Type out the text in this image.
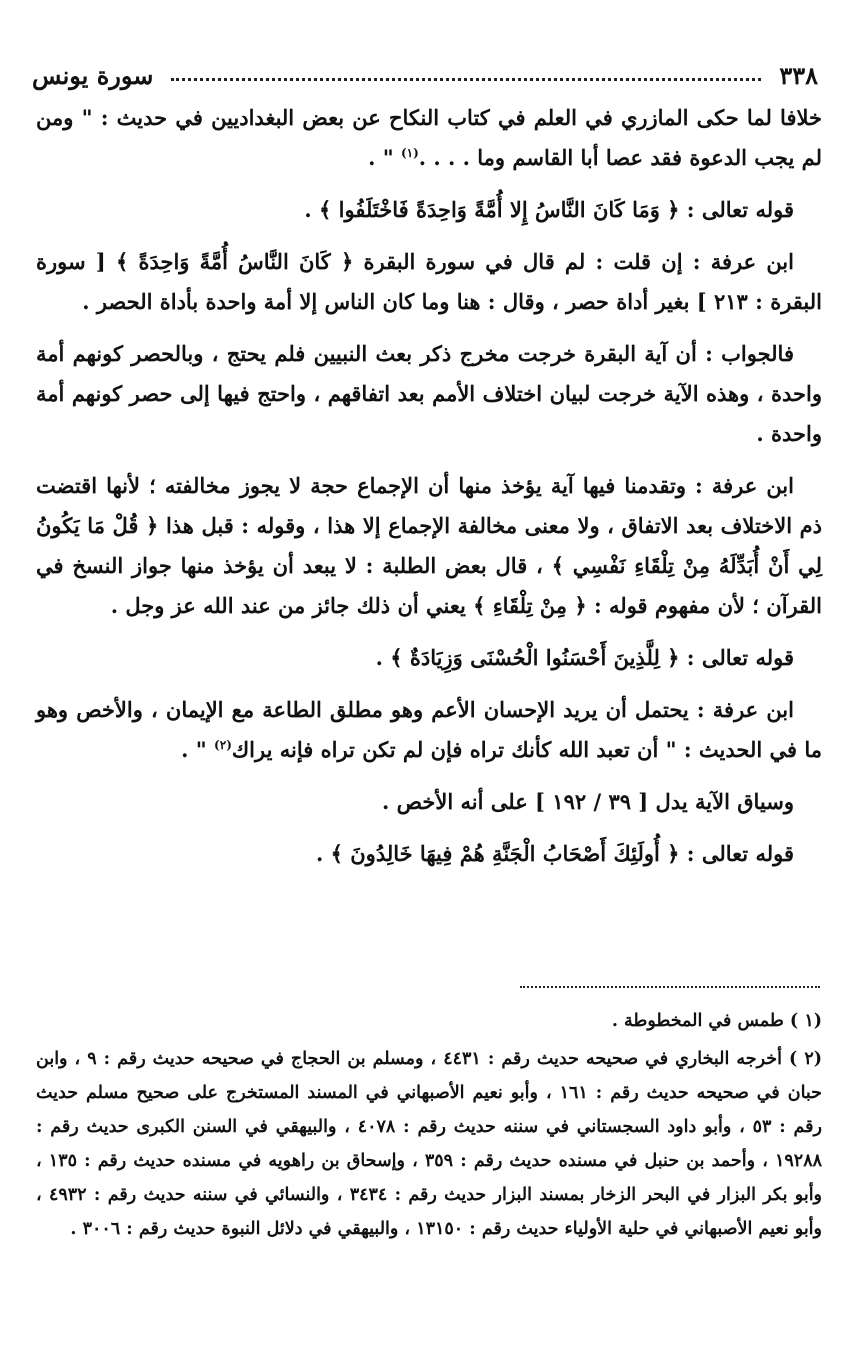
٣٣٨
سورة يونس

خلافا لما حكى المازري في العلم في كتاب النكاح عن بعض البغداديين في حديث : " ومن لم يجب الدعوة فقد عصا أبا القاسم وما . . . .$^{(١)}$ " .

قوله تعالى : ﴿ وَمَا كَانَ النَّاسُ إِلا أُمَّةً وَاحِدَةً فَاخْتَلَفُوا ﴾ .

ابن عرفة : إن قلت : لم قال في سورة البقرة ﴿ كَانَ النَّاسُ أُمَّةً وَاحِدَةً ﴾ [ سورة البقرة : ٢١٣ ] بغير أداة حصر ، وقال : هنا وما كان الناس إلا أمة واحدة بأداة الحصر .

فالجواب : أن آية البقرة خرجت مخرج ذكر بعث النبيين فلم يحتج ، وبالحصر كونهم أمة واحدة ، وهذه الآية خرجت لبيان اختلاف الأمم بعد اتفاقهم ، واحتج فيها إلى حصر كونهم أمة واحدة .

ابن عرفة : وتقدمنا فيها آية يؤخذ منها أن الإجماع حجة لا يجوز مخالفته ؛ لأنها اقتضت ذم الاختلاف بعد الاتفاق ، ولا معنى مخالفة الإجماع إلا هذا ، وقوله : قبل هذا ﴿ قُلْ مَا يَكُونُ لِي أَنْ أُبَدِّلَهُ مِنْ تِلْقَاءِ نَفْسِي ﴾ ، قال بعض الطلبة : لا يبعد أن يؤخذ منها جواز النسخ في القرآن ؛ لأن مفهوم قوله : ﴿ مِنْ تِلْقَاءِ ﴾ يعني أن ذلك جائز من عند الله عز وجل .

قوله تعالى : ﴿ لِلَّذِينَ أَحْسَنُوا الْحُسْنَى وَزِيَادَةٌ ﴾ .

ابن عرفة : يحتمل أن يريد الإحسان الأعم وهو مطلق الطاعة مع الإيمان ، والأخص وهو ما في الحديث : " أن تعبد الله كأنك تراه فإن لم تكن تراه فإنه يراك$^{(٢)}$ " .

وسياق الآية يدل [ ٣٩ / ١٩٢ ] على أنه الأخص .

قوله تعالى : ﴿ أُولَئِكَ أَصْحَابُ الْجَنَّةِ هُمْ فِيهَا خَالِدُونَ ﴾ .

(١ ) طمس في المخطوطة .

(٢ ) أخرجه البخاري في صحيحه حديث رقم : ٤٤٣١ ، ومسلم بن الحجاج في صحيحه حديث رقم : ٩ ، وابن حبان في صحيحه حديث رقم : ١٦١ ، وأبو نعيم الأصبهاني في المسند المستخرج على صحيح مسلم حديث رقم : ٥٣ ، وأبو داود السجستاني في سننه حديث رقم : ٤٠٧٨ ، والبيهقي في السنن الكبرى حديث رقم : ١٩٢٨٨ ، وأحمد بن حنبل في مسنده حديث رقم : ٣٥٩ ، وإسحاق بن راهويه في مسنده حديث رقم : ١٣٥ ، وأبو بكر البزار في البحر الزخار بمسند البزار حديث رقم : ٣٤٣٤ ، والنسائي في سننه حديث رقم : ٤٩٣٢ ، وأبو نعيم الأصبهاني في حلية الأولياء حديث رقم : ١٣١٥٠ ، والبيهقي في دلائل النبوة حديث رقم : ٣٠٠٦ .
